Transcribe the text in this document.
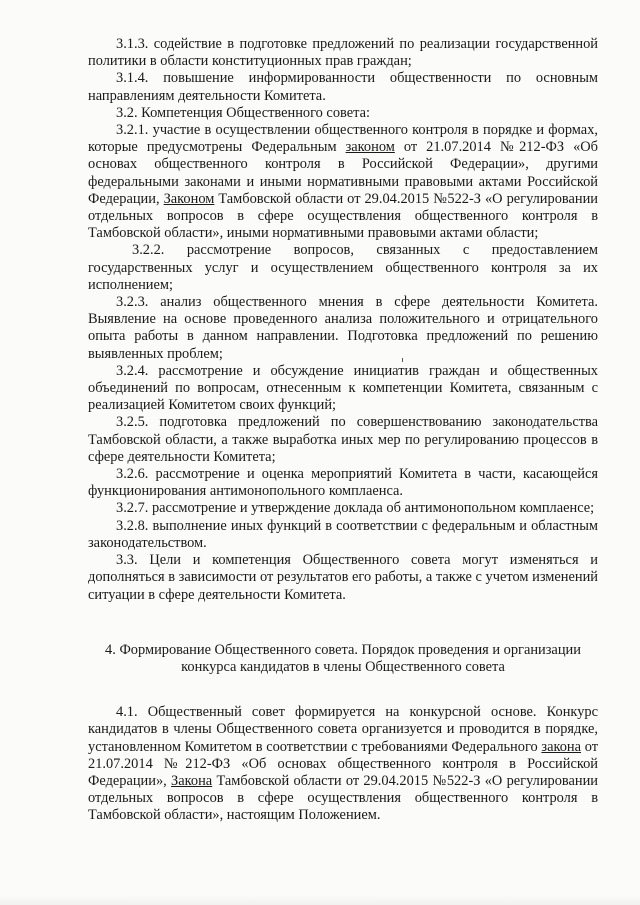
3.1.3. содействие в подготовке предложений по реализации государственной политики в области конституционных прав граждан;

3.1.4. повышение информированности общественности по основным направлениям деятельности Комитета.

3.2. Компетенция Общественного совета:

3.2.1. участие в осуществлении общественного контроля в порядке и формах, которые предусмотрены Федеральным законом от 21.07.2014 №212-ФЗ «Об основах общественного контроля в Российской Федерации», другими федеральными законами и иными нормативными правовыми актами Российской Федерации, Законом Тамбовской области от 29.04.2015 №522-З «О регулировании отдельных вопросов в сфере осуществления общественного контроля в Тамбовской области», иными нормативными правовыми актами области;

3.2.2. рассмотрение вопросов, связанных с предоставлением государственных услуг и осуществлением общественного контроля за их исполнением;

3.2.3. анализ общественного мнения в сфере деятельности Комитета. Выявление на основе проведенного анализа положительного и отрицательного опыта работы в данном направлении. Подготовка предложений по решению выявленных проблем;

3.2.4. рассмотрение и обсуждение инициатив граждан и общественных объединений по вопросам, отнесенным к компетенции Комитета, связанным с реализацией Комитетом своих функций;

3.2.5. подготовка предложений по совершенствованию законодательства Тамбовской области, а также выработка иных мер по регулированию процессов в сфере деятельности Комитета;

3.2.6. рассмотрение и оценка мероприятий Комитета в части, касающейся функционирования антимонопольного комплаенса.

3.2.7. рассмотрение и утверждение доклада об антимонопольном комплаенсе;

3.2.8. выполнение иных функций в соответствии с федеральным и областным законодательством.

3.3. Цели и компетенция Общественного совета могут изменяться и дополняться в зависимости от результатов его работы, а также с учетом изменений ситуации в сфере деятельности Комитета.

4. Формирование Общественного совета. Порядок проведения и организации
конкурса кандидатов в члены Общественного совета

4.1. Общественный совет формируется на конкурсной основе. Конкурс кандидатов в члены Общественного совета организуется и проводится в порядке, установленном Комитетом в соответствии с требованиями Федерального закона от 21.07.2014 №212-ФЗ «Об основах общественного контроля в Российской Федерации», Закона Тамбовской области от 29.04.2015 №522-З «О регулировании отдельных вопросов в сфере осуществления общественного контроля в Тамбовской области», настоящим Положением.
